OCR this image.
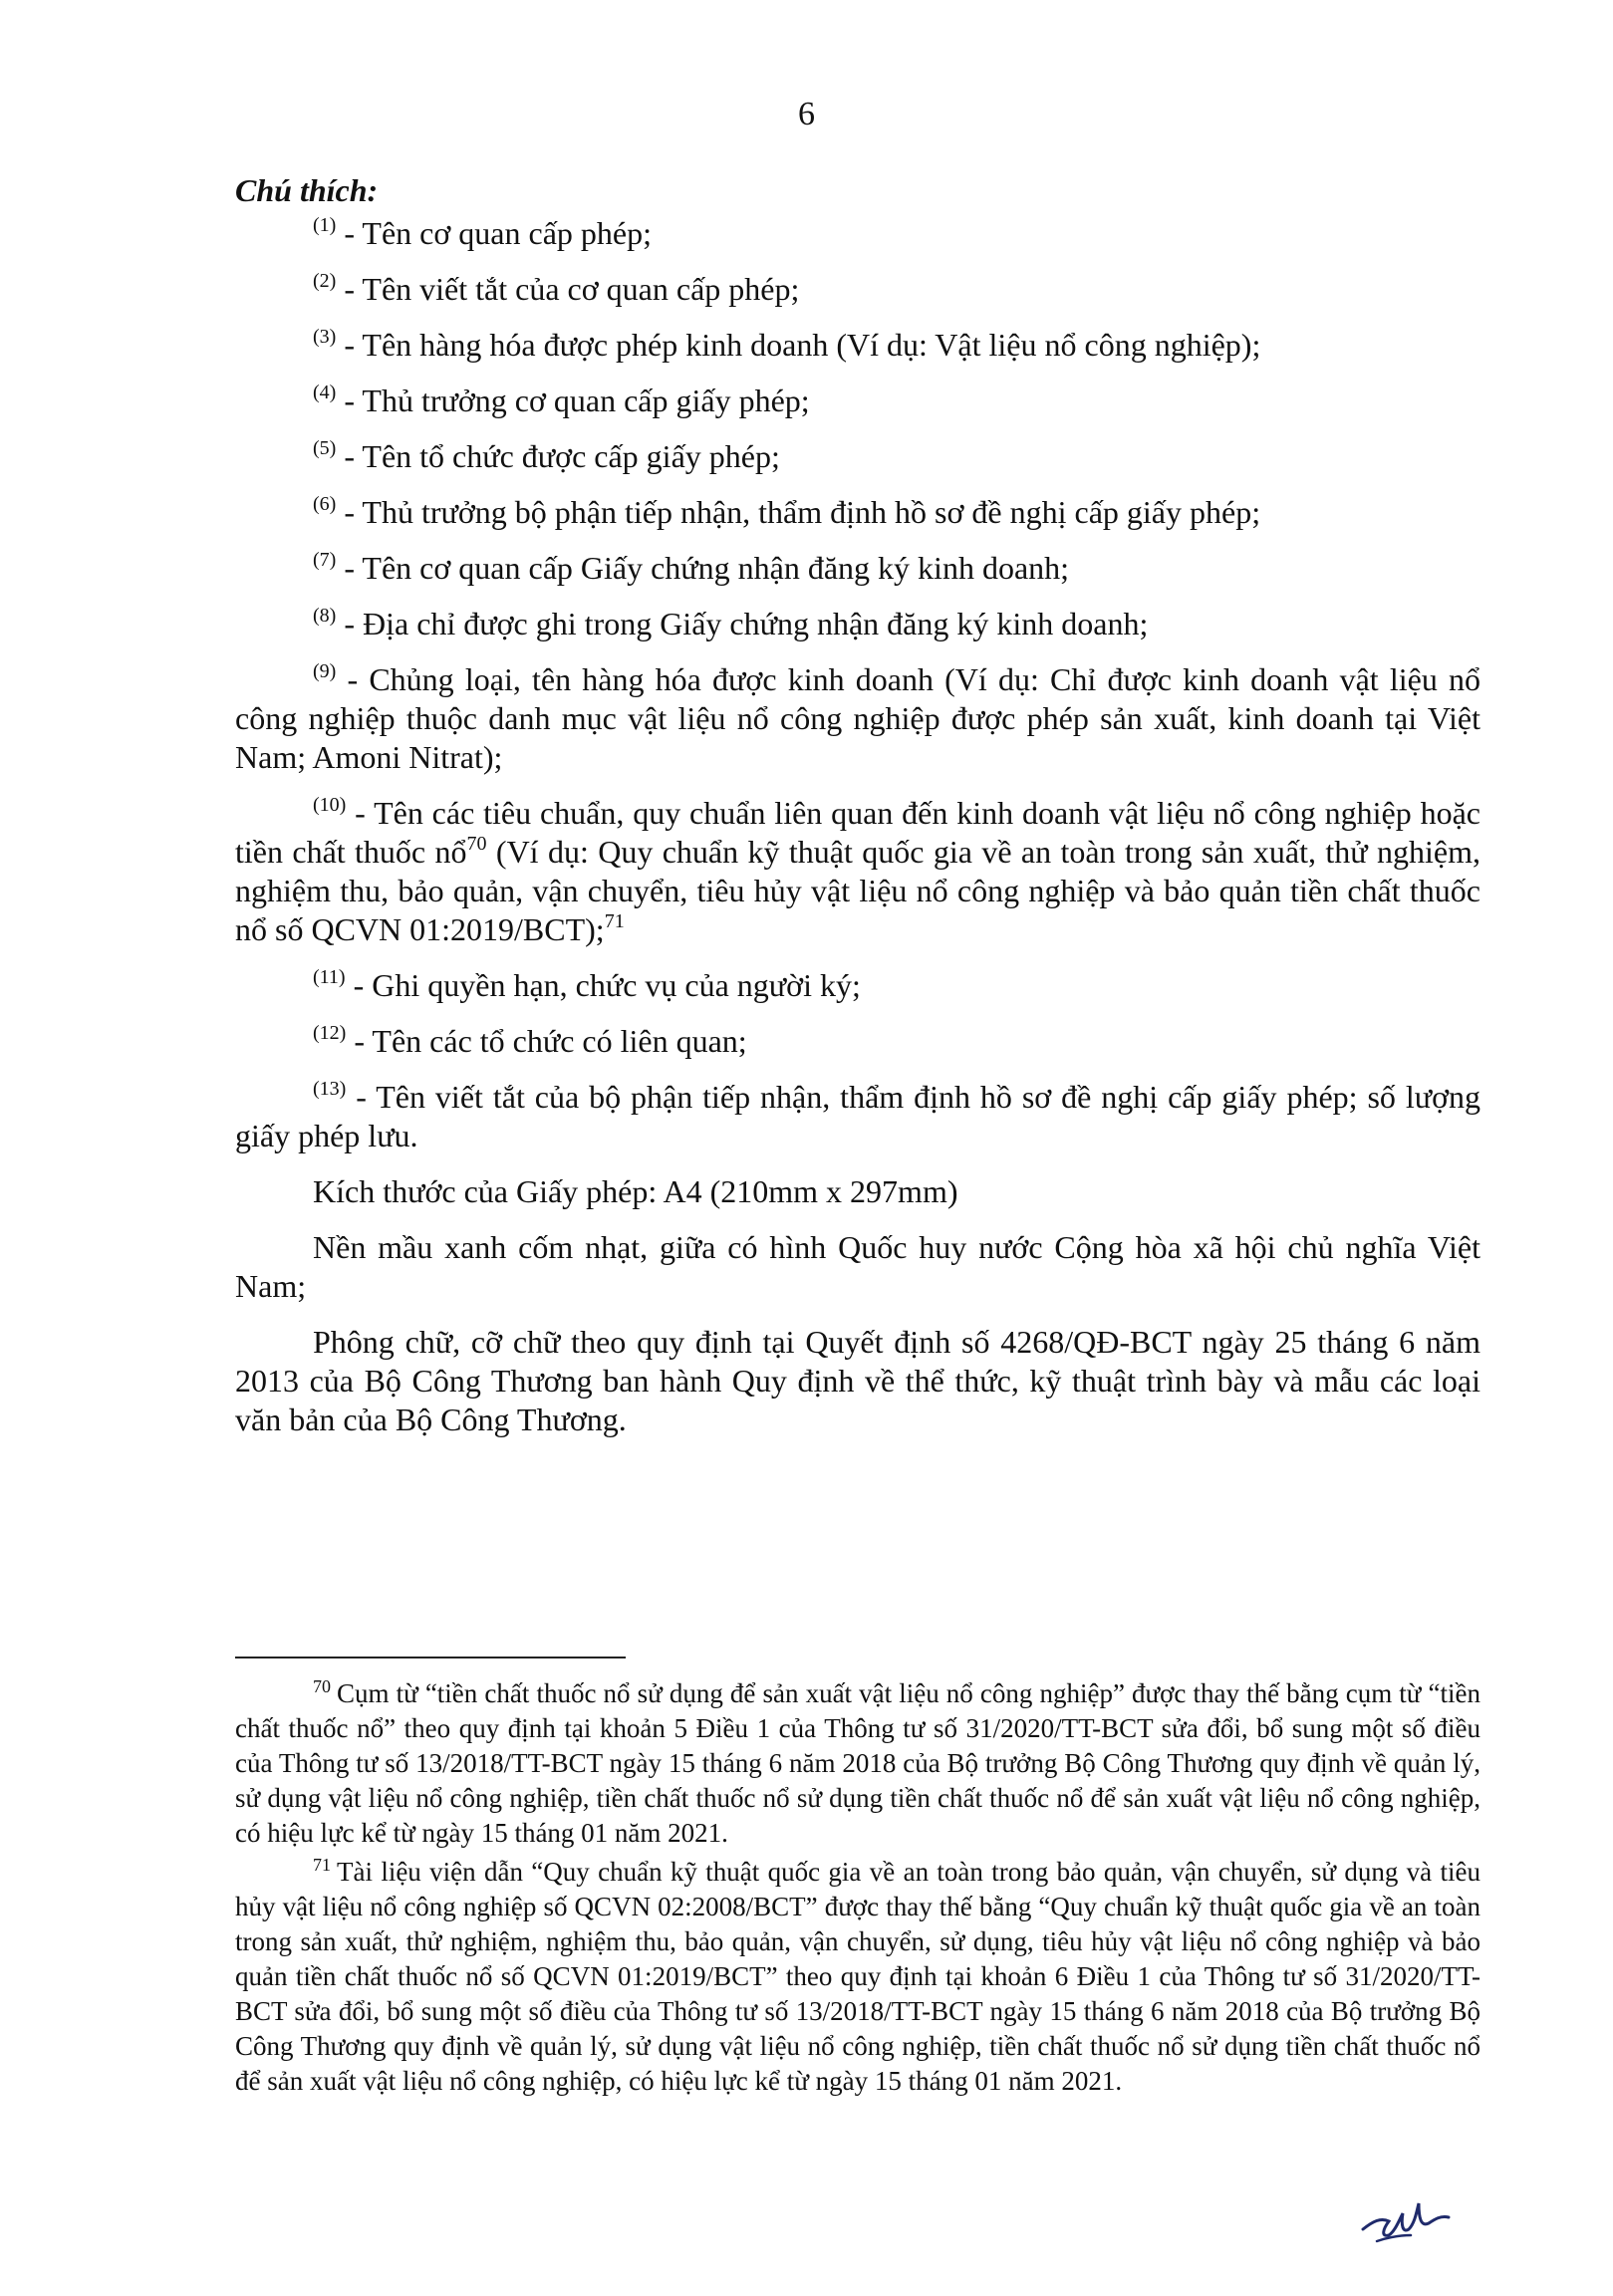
6
Chú thích:

$^{(1)}$ - Tên cơ quan cấp phép;

$^{(2)}$ - Tên viết tắt của cơ quan cấp phép;

$^{(3)}$ - Tên hàng hóa được phép kinh doanh (Ví dụ: Vật liệu nổ công nghiệp);

$^{(4)}$ - Thủ trưởng cơ quan cấp giấy phép;

$^{(5)}$ - Tên tổ chức được cấp giấy phép;

$^{(6)}$ - Thủ trưởng bộ phận tiếp nhận, thẩm định hồ sơ đề nghị cấp giấy phép;

$^{(7)}$ - Tên cơ quan cấp Giấy chứng nhận đăng ký kinh doanh;

$^{(8)}$ - Địa chỉ được ghi trong Giấy chứng nhận đăng ký kinh doanh;

$^{(9)}$ - Chủng loại, tên hàng hóa được kinh doanh (Ví dụ: Chỉ được kinh doanh vật liệu nổ công nghiệp thuộc danh mục vật liệu nổ công nghiệp được phép sản xuất, kinh doanh tại Việt Nam; Amoni Nitrat);

$^{(10)}$ - Tên các tiêu chuẩn, quy chuẩn liên quan đến kinh doanh vật liệu nổ công nghiệp hoặc tiền chất thuốc nổ$^{70}$ (Ví dụ: Quy chuẩn kỹ thuật quốc gia về an toàn trong sản xuất, thử nghiệm, nghiệm thu, bảo quản, vận chuyển, tiêu hủy vật liệu nổ công nghiệp và bảo quản tiền chất thuốc nổ số QCVN 01:2019/BCT);$^{71}$

$^{(11)}$ - Ghi quyền hạn, chức vụ của người ký;

$^{(12)}$ - Tên các tổ chức có liên quan;

$^{(13)}$ - Tên viết tắt của bộ phận tiếp nhận, thẩm định hồ sơ đề nghị cấp giấy phép; số lượng giấy phép lưu.

Kích thước của Giấy phép: A4 (210mm x 297mm)

Nền mầu xanh cốm nhạt, giữa có hình Quốc huy nước Cộng hòa xã hội chủ nghĩa Việt Nam;

Phông chữ, cỡ chữ theo quy định tại Quyết định số 4268/QĐ-BCT ngày 25 tháng 6 năm 2013 của Bộ Công Thương ban hành Quy định về thể thức, kỹ thuật trình bày và mẫu các loại văn bản của Bộ Công Thương.

$^{70}$ Cụm từ “tiền chất thuốc nổ sử dụng để sản xuất vật liệu nổ công nghiệp” được thay thế bằng cụm từ “tiền chất thuốc nổ” theo quy định tại khoản 5 Điều 1 của Thông tư số 31/2020/TT-BCT sửa đổi, bổ sung một số điều của Thông tư số 13/2018/TT-BCT ngày 15 tháng 6 năm 2018 của Bộ trưởng Bộ Công Thương quy định về quản lý, sử dụng vật liệu nổ công nghiệp, tiền chất thuốc nổ sử dụng tiền chất thuốc nổ để sản xuất vật liệu nổ công nghiệp, có hiệu lực kể từ ngày 15 tháng 01 năm 2021.

$^{71}$ Tài liệu viện dẫn “Quy chuẩn kỹ thuật quốc gia về an toàn trong bảo quản, vận chuyển, sử dụng và tiêu hủy vật liệu nổ công nghiệp số QCVN 02:2008/BCT” được thay thế bằng “Quy chuẩn kỹ thuật quốc gia về an toàn trong sản xuất, thử nghiệm, nghiệm thu, bảo quản, vận chuyển, sử dụng, tiêu hủy vật liệu nổ công nghiệp và bảo quản tiền chất thuốc nổ số QCVN 01:2019/BCT” theo quy định tại khoản 6 Điều 1 của Thông tư số 31/2020/TT-BCT sửa đổi, bổ sung một số điều của Thông tư số 13/2018/TT-BCT ngày 15 tháng 6 năm 2018 của Bộ trưởng Bộ Công Thương quy định về quản lý, sử dụng vật liệu nổ công nghiệp, tiền chất thuốc nổ sử dụng tiền chất thuốc nổ để sản xuất vật liệu nổ công nghiệp, có hiệu lực kể từ ngày 15 tháng 01 năm 2021.
